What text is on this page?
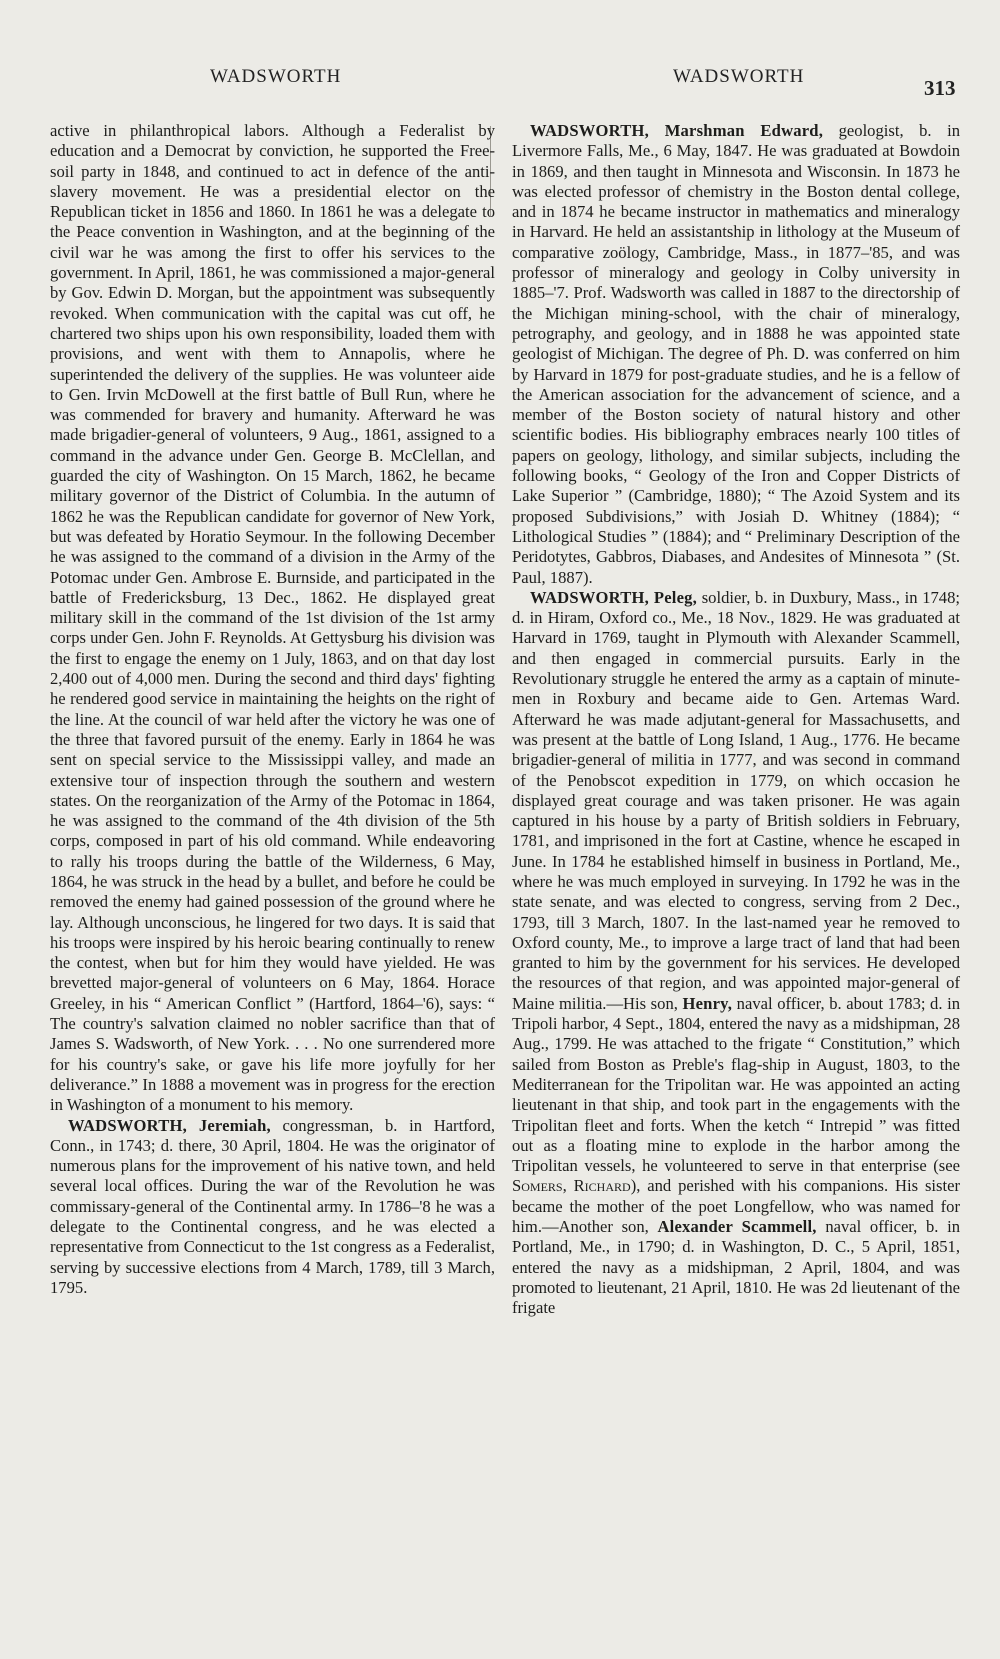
WADSWORTH	WADSWORTH	313

active in philanthropical labors. Although a Federalist by education and a Democrat by conviction, he supported the Free-soil party in 1848, and continued to act in defence of the anti-slavery movement. He was a presidential elector on the Republican ticket in 1856 and 1860. In 1861 he was a delegate to the Peace convention in Washington, and at the beginning of the civil war he was among the first to offer his services to the government. In April, 1861, he was commissioned a major-general by Gov. Edwin D. Morgan, but the appointment was subsequently revoked. When communication with the capital was cut off, he chartered two ships upon his own responsibility, loaded them with provisions, and went with them to Annapolis, where he superintended the delivery of the supplies. He was volunteer aide to Gen. Irvin McDowell at the first battle of Bull Run, where he was commended for bravery and humanity. Afterward he was made brigadier-general of volunteers, 9 Aug., 1861, assigned to a command in the advance under Gen. George B. McClellan, and guarded the city of Washington. On 15 March, 1862, he became military governor of the District of Columbia. In the autumn of 1862 he was the Republican candidate for governor of New York, but was defeated by Horatio Seymour. In the following December he was assigned to the command of a division in the Army of the Potomac under Gen. Ambrose E. Burnside, and participated in the battle of Fredericksburg, 13 Dec., 1862. He displayed great military skill in the command of the 1st division of the 1st army corps under Gen. John F. Reynolds. At Gettysburg his division was the first to engage the enemy on 1 July, 1863, and on that day lost 2,400 out of 4,000 men. During the second and third days' fighting he rendered good service in maintaining the heights on the right of the line. At the council of war held after the victory he was one of the three that favored pursuit of the enemy. Early in 1864 he was sent on special service to the Mississippi valley, and made an extensive tour of inspection through the southern and western states. On the reorganization of the Army of the Potomac in 1864, he was assigned to the command of the 4th division of the 5th corps, composed in part of his old command. While endeavoring to rally his troops during the battle of the Wilderness, 6 May, 1864, he was struck in the head by a bullet, and before he could be removed the enemy had gained possession of the ground where he lay. Although unconscious, he lingered for two days. It is said that his troops were inspired by his heroic bearing continually to renew the contest, when but for him they would have yielded. He was brevetted major-general of volunteers on 6 May, 1864. Horace Greeley, in his “ American Conflict ” (Hartford, 1864–'6), says: “ The country's salvation claimed no nobler sacrifice than that of James S. Wadsworth, of New York. . . . No one surrendered more for his country's sake, or gave his life more joyfully for her deliverance.” In 1888 a movement was in progress for the erection in Washington of a monument to his memory.

WADSWORTH, Jeremiah, congressman, b. in Hartford, Conn., in 1743; d. there, 30 April, 1804. He was the originator of numerous plans for the improvement of his native town, and held several local offices. During the war of the Revolution he was commissary-general of the Continental army. In 1786–'8 he was a delegate to the Continental congress, and he was elected a representative from Connecticut to the 1st congress as a Federalist, serving by successive elections from 4 March, 1789, till 3 March, 1795.

WADSWORTH, Marshman Edward, geologist, b. in Livermore Falls, Me., 6 May, 1847. He was graduated at Bowdoin in 1869, and then taught in Minnesota and Wisconsin. In 1873 he was elected professor of chemistry in the Boston dental college, and in 1874 he became instructor in mathematics and mineralogy in Harvard. He held an assistantship in lithology at the Museum of comparative zoölogy, Cambridge, Mass., in 1877–'85, and was professor of mineralogy and geology in Colby university in 1885–'7. Prof. Wadsworth was called in 1887 to the directorship of the Michigan mining-school, with the chair of mineralogy, petrography, and geology, and in 1888 he was appointed state geologist of Michigan. The degree of Ph. D. was conferred on him by Harvard in 1879 for post-graduate studies, and he is a fellow of the American association for the advancement of science, and a member of the Boston society of natural history and other scientific bodies. His bibliography embraces nearly 100 titles of papers on geology, lithology, and similar subjects, including the following books, “ Geology of the Iron and Copper Districts of Lake Superior ” (Cambridge, 1880); “ The Azoid System and its proposed Subdivisions,” with Josiah D. Whitney (1884); “ Lithological Studies ” (1884); and “ Preliminary Description of the Peridotytes, Gabbros, Diabases, and Andesites of Minnesota ” (St. Paul, 1887).

WADSWORTH, Peleg, soldier, b. in Duxbury, Mass., in 1748; d. in Hiram, Oxford co., Me., 18 Nov., 1829. He was graduated at Harvard in 1769, taught in Plymouth with Alexander Scammell, and then engaged in commercial pursuits. Early in the Revolutionary struggle he entered the army as a captain of minute-men in Roxbury and became aide to Gen. Artemas Ward. Afterward he was made adjutant-general for Massachusetts, and was present at the battle of Long Island, 1 Aug., 1776. He became brigadier-general of militia in 1777, and was second in command of the Penobscot expedition in 1779, on which occasion he displayed great courage and was taken prisoner. He was again captured in his house by a party of British soldiers in February, 1781, and imprisoned in the fort at Castine, whence he escaped in June. In 1784 he established himself in business in Portland, Me., where he was much employed in surveying. In 1792 he was in the state senate, and was elected to congress, serving from 2 Dec., 1793, till 3 March, 1807. In the last-named year he removed to Oxford county, Me., to improve a large tract of land that had been granted to him by the government for his services. He developed the resources of that region, and was appointed major-general of Maine militia.—His son, Henry, naval officer, b. about 1783; d. in Tripoli harbor, 4 Sept., 1804, entered the navy as a midshipman, 28 Aug., 1799. He was attached to the frigate “ Constitution,” which sailed from Boston as Preble's flag-ship in August, 1803, to the Mediterranean for the Tripolitan war. He was appointed an acting lieutenant in that ship, and took part in the engagements with the Tripolitan fleet and forts. When the ketch “ Intrepid ” was fitted out as a floating mine to explode in the harbor among the Tripolitan vessels, he volunteered to serve in that enterprise (see Somers, Richard), and perished with his companions. His sister became the mother of the poet Longfellow, who was named for him.—Another son, Alexander Scammell, naval officer, b. in Portland, Me., in 1790; d. in Washington, D. C., 5 April, 1851, entered the navy as a midshipman, 2 April, 1804, and was promoted to lieutenant, 21 April, 1810. He was 2d lieutenant of the frigate
